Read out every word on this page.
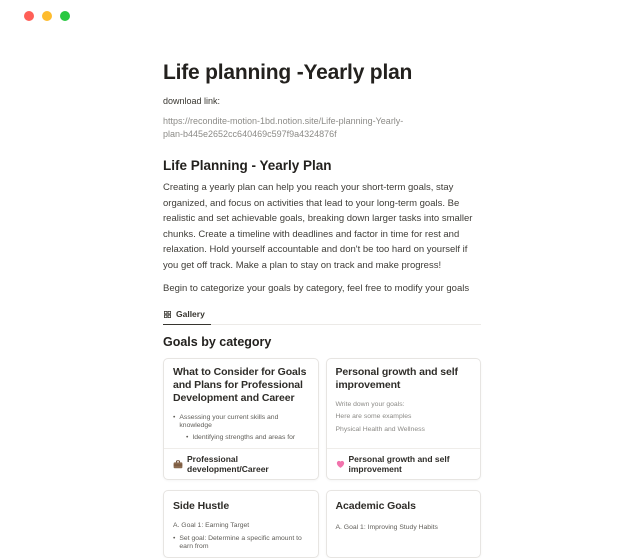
Life planning -Yearly plan
download link:
https://recondite-motion-1bd.notion.site/Life-planning-Yearly-plan-b445e2652cc640469c597f9a4324876f
Life Planning - Yearly Plan
Creating a yearly plan can help you reach your short-term goals, stay organized, and focus on activities that lead to your long-term goals. Be realistic and set achievable goals, breaking down larger tasks into smaller chunks. Create a timeline with deadlines and factor in time for rest and relaxation. Hold yourself accountable and don't be too hard on yourself if you get off track. Make a plan to stay on track and make progress!
Begin to categorize your goals by category, feel free to modify your goals
Gallery
Goals by category
What to Consider for Goals and Plans for Professional Development and Career
• Assessing your current skills and knowledge
• Identifying strengths and areas for
Professional development/Career
Personal growth and self improvement
Write down your goals:
Here are some examples
Physical Health and Wellness
Personal growth and self improvement
Side Hustle
A. Goal 1: Earning Target
• Set goal: Determine a specific amount to earn from
Academic Goals
A. Goal 1: Improving Study Habits
